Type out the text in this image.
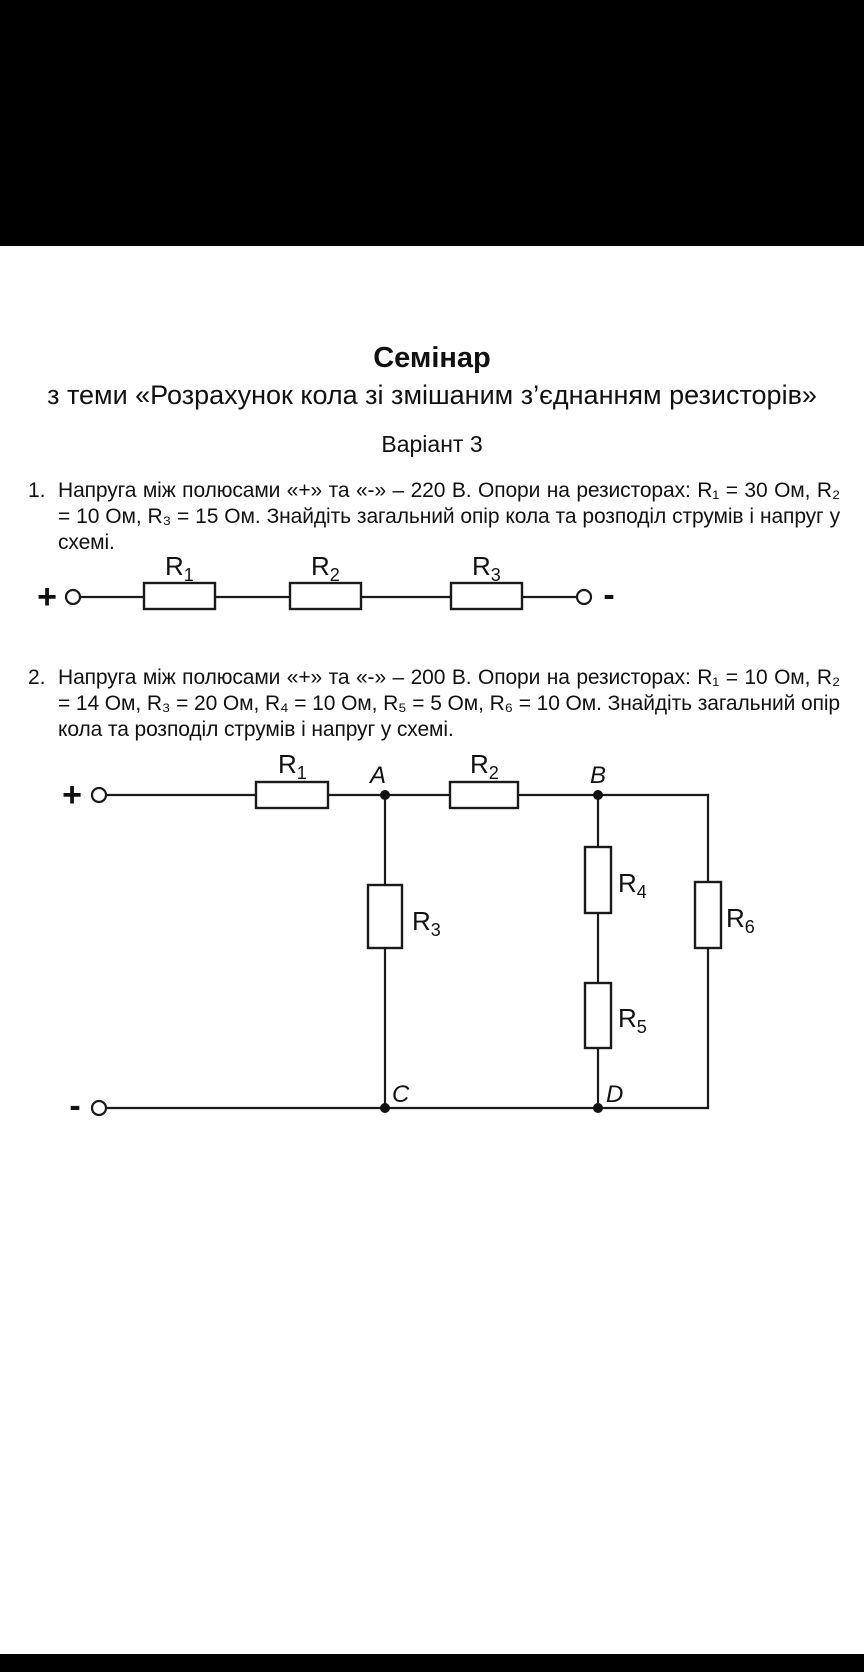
Семінар
з теми «Розрахунок кола зі змішаним з’єднанням резисторів»
Варіант 3
1. Напруга між полюсами «+» та «-» – 220 В. Опори на резисторах: R₁ = 30 Ом, R₂ = 10 Ом, R₃ = 15 Ом. Знайдіть загальний опір кола та розподіл струмів і напруг у схемі.

+	-
$R_1$	$R_2$	$R_3$
2. Напруга між полюсами «+» та «-» – 200 В. Опори на резисторах: R₁ = 10 Ом, R₂ = 14 Ом, R₃ = 20 Ом, R₄ = 10 Ом, R₅ = 5 Ом, R₆ = 10 Ом. Знайдіть загальний опір кола та розподіл струмів і напруг у схемі.

+
-
$R_1$	$R_2$
$R_3$
$R_4$
$R_5$
$R_6$
A	B
C	D
